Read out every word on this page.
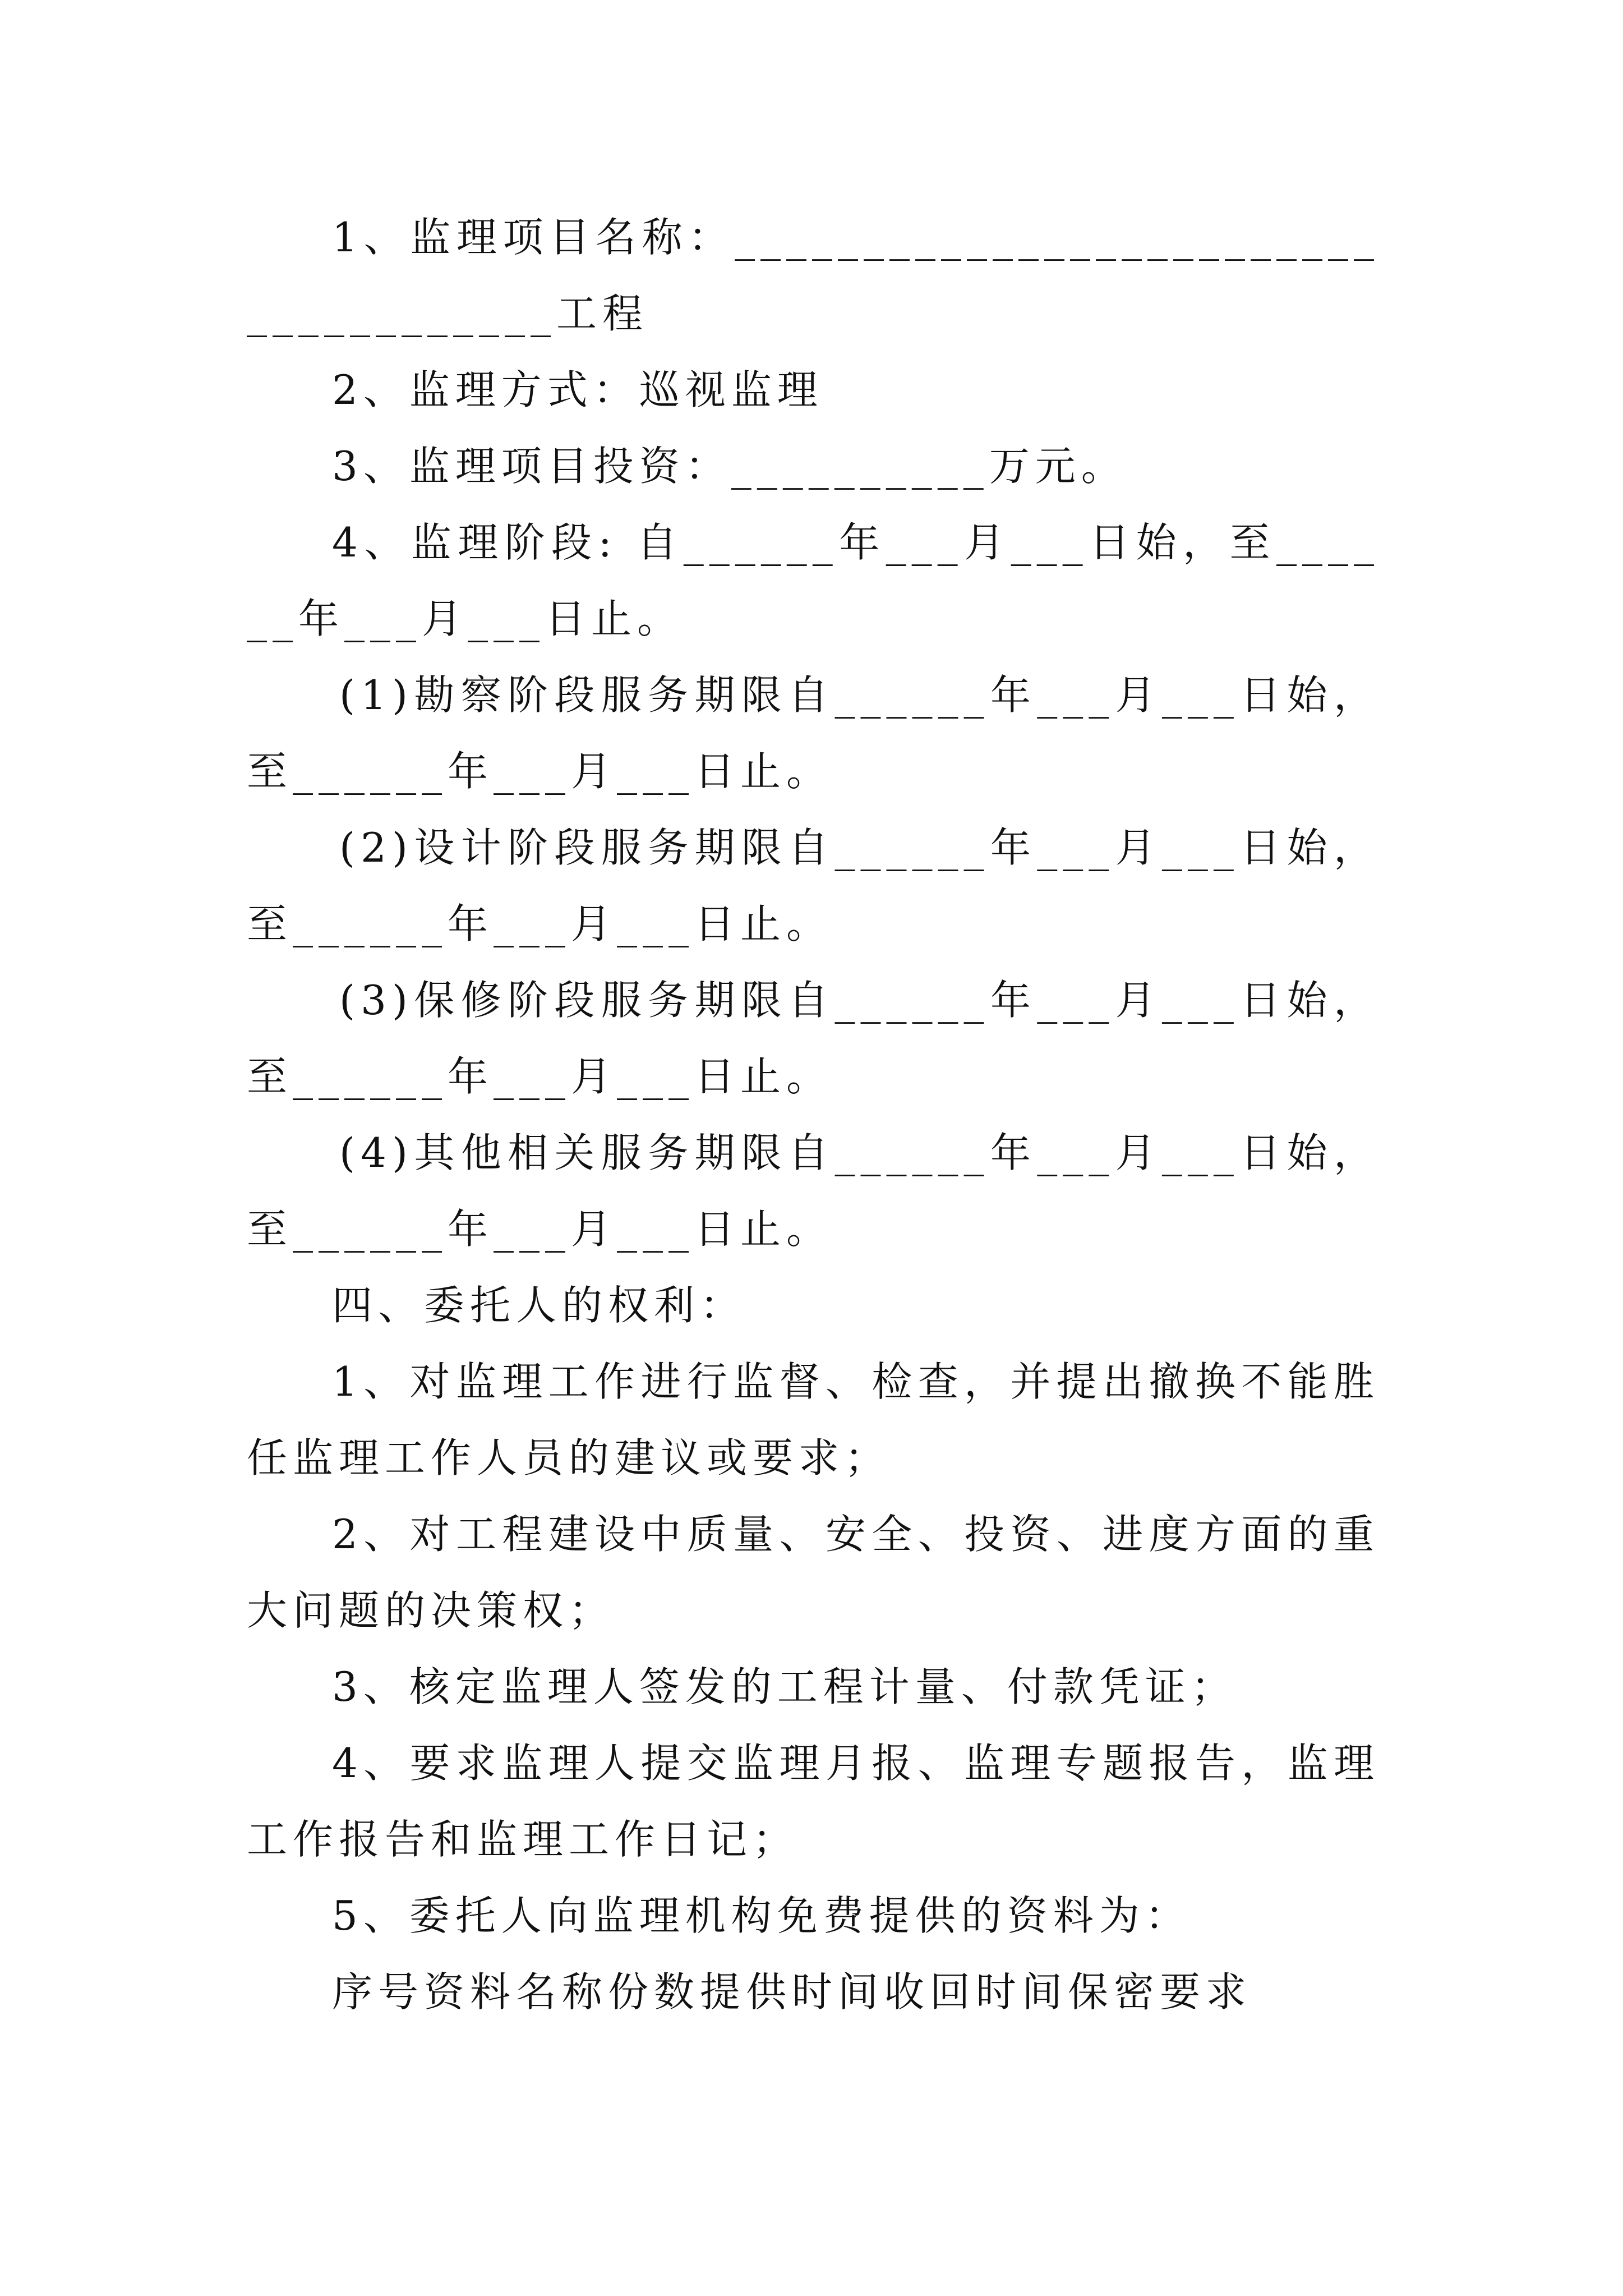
1、监理项目名称：_____________________________________工程

2、监理方式：巡视监理

3、监理项目投资：__________万元。

4、监理阶段: 自______年___月___日始，至______年___月___日止。

(1)勘察阶段服务期限自______年___月___日始，至______年___月___日止。

(2)设计阶段服务期限自______年___月___日始，至______年___月___日止。

(3)保修阶段服务期限自______年___月___日始，至______年___月___日止。

(4)其他相关服务期限自______年___月___日始，至______年___月___日止。

四、委托人的权利：

1、对监理工作进行监督、检查，并提出撤换不能胜任监理工作人员的建议或要求；

2、对工程建设中质量、安全、投资、进度方面的重大问题的决策权；

3、核定监理人签发的工程计量、付款凭证；

4、要求监理人提交监理月报、监理专题报告，监理工作报告和监理工作日记；

5、委托人向监理机构免费提供的资料为：

序号资料名称份数提供时间收回时间保密要求
